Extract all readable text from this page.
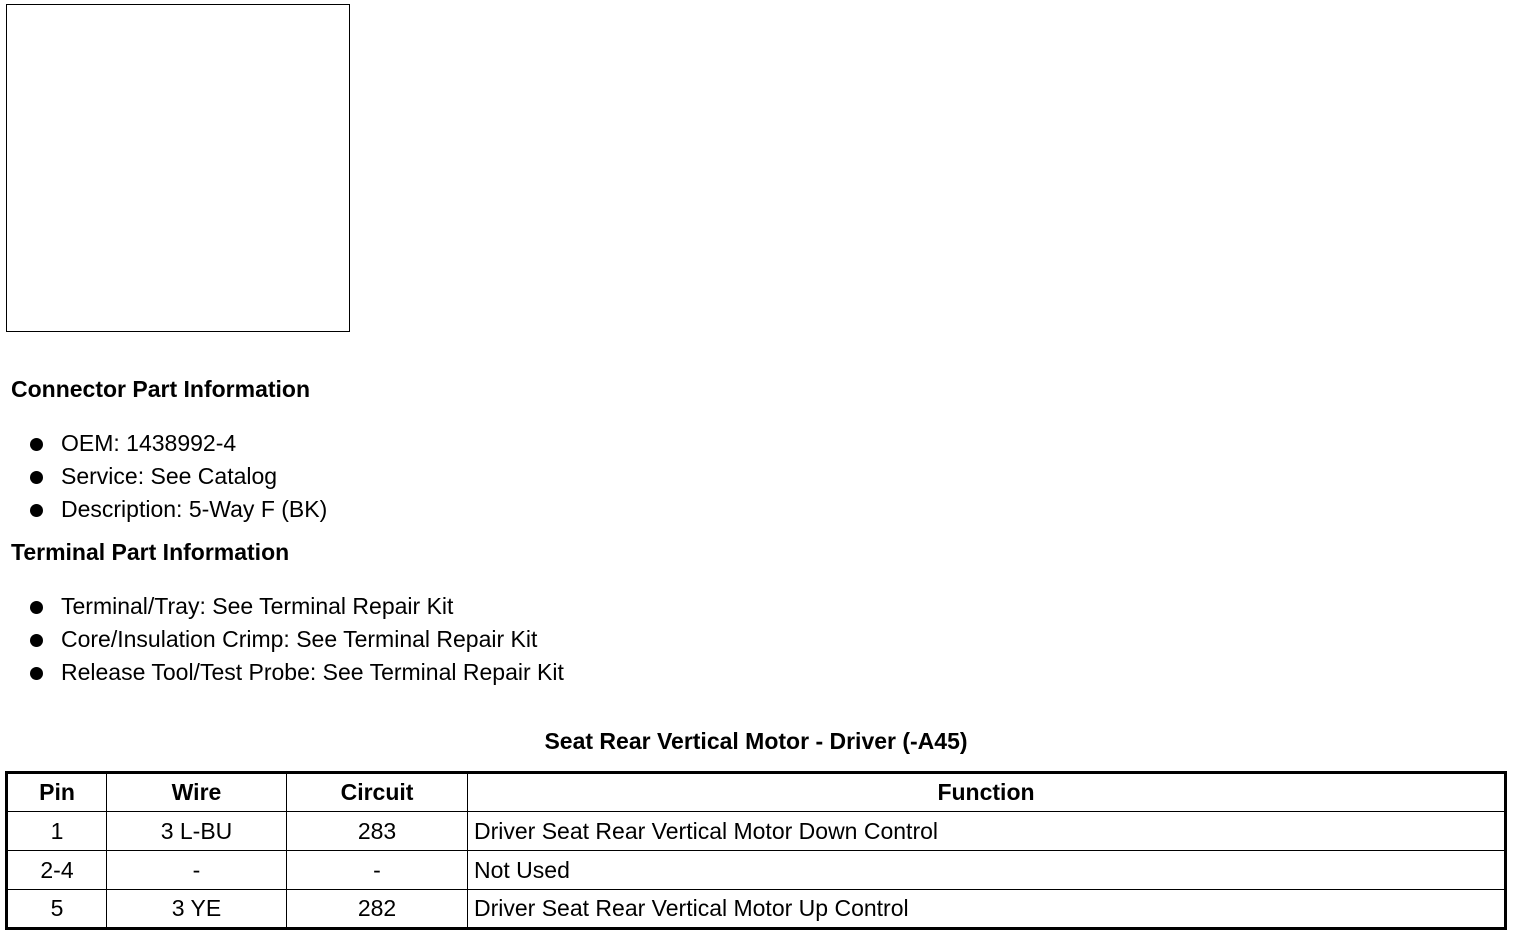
Connector Part Information
OEM: 1438992-4
Service: See Catalog
Description: 5-Way F (BK)
Terminal Part Information
Terminal/Tray: See Terminal Repair Kit
Core/Insulation Crimp: See Terminal Repair Kit
Release Tool/Test Probe: See Terminal Repair Kit
Seat Rear Vertical Motor - Driver (-A45)
Pin	Wire	Circuit	Function
1	3 L-BU	283	Driver Seat Rear Vertical Motor Down Control
2-4	-	-	Not Used
5	3 YE	282	Driver Seat Rear Vertical Motor Up Control
